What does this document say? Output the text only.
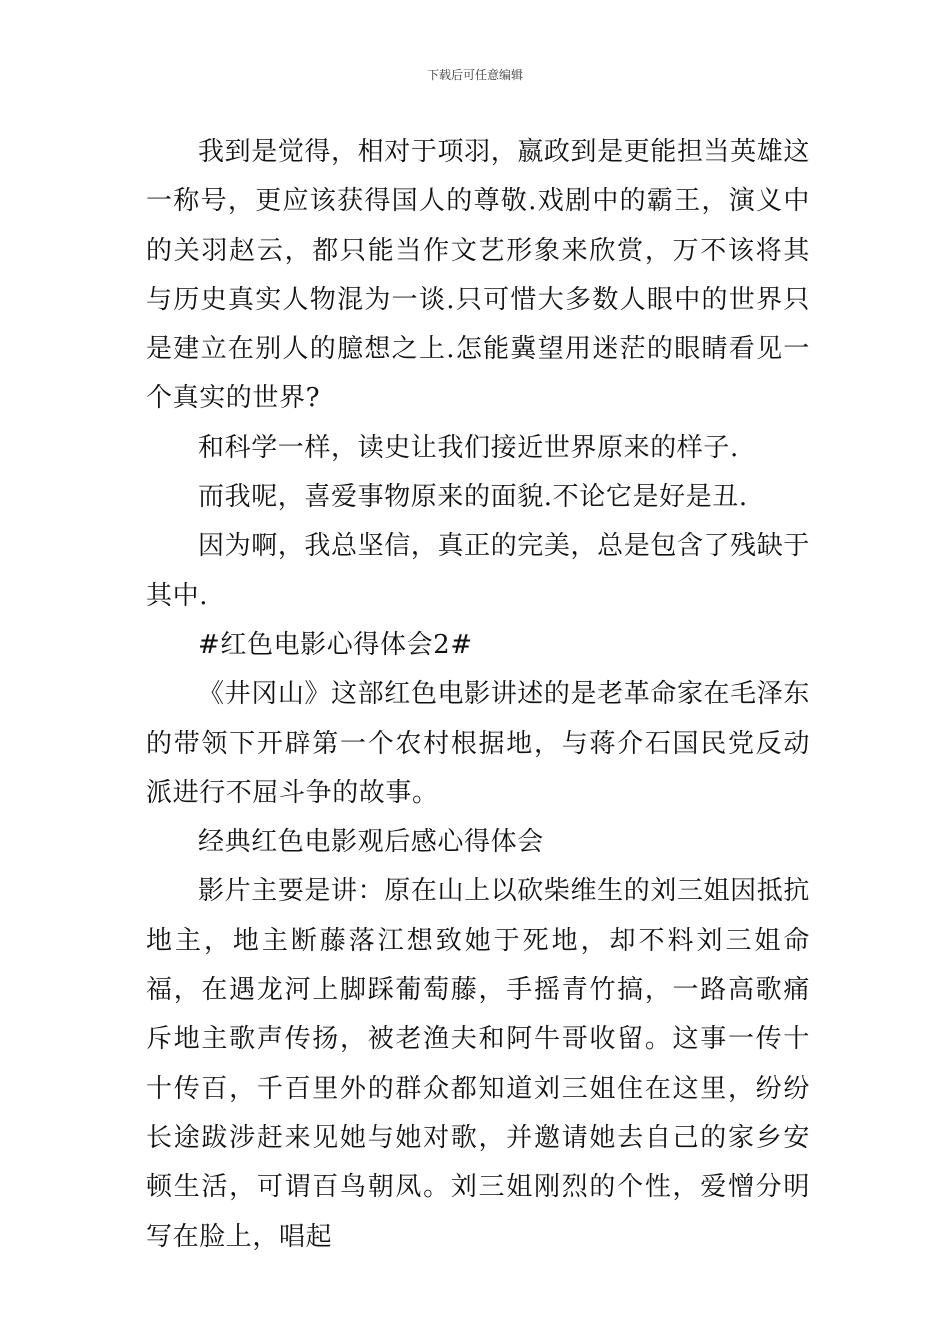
下载后可任意编辑

我到是觉得，相对于项羽，嬴政到是更能担当英雄这一称号，更应该获得国人的尊敬.戏剧中的霸王，演义中的关羽赵云，都只能当作文艺形象来欣赏，万不该将其与历史真实人物混为一谈.只可惜大多数人眼中的世界只是建立在别人的臆想之上.怎能冀望用迷茫的眼睛看见一个真实的世界?

和科学一样，读史让我们接近世界原来的样子.

而我呢，喜爱事物原来的面貌.不论它是好是丑.

因为啊，我总坚信，真正的完美，总是包含了残缺于其中.

#红色电影心得体会2#

《井冈山》这部红色电影讲述的是老革命家在毛泽东的带领下开辟第一个农村根据地，与蒋介石国民党反动派进行不屈斗争的故事。

经典红色电影观后感心得体会

影片主要是讲：原在山上以砍柴维生的刘三姐因抵抗地主，地主断藤落江想致她于死地，却不料刘三姐命福，在遇龙河上脚踩葡萄藤，手摇青竹搞，一路高歌痛斥地主歌声传扬，被老渔夫和阿牛哥收留。这事一传十十传百，千百里外的群众都知道刘三姐住在这里，纷纷长途跋涉赶来见她与她对歌，并邀请她去自己的家乡安顿生活，可谓百鸟朝凤。刘三姐刚烈的个性，爱憎分明写在脸上，唱起
